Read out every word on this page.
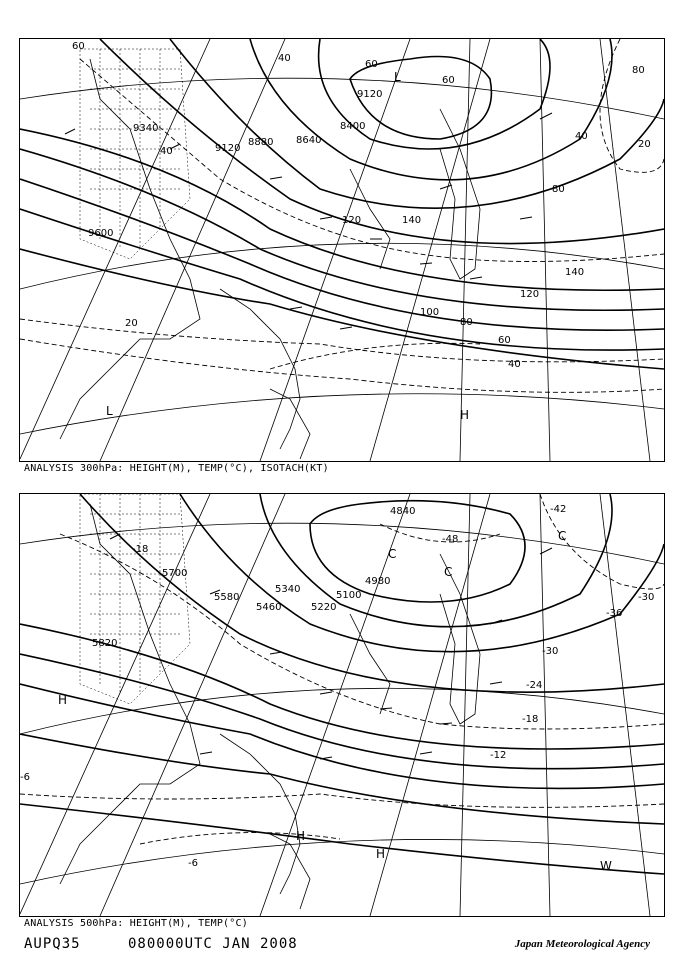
9340
9120
8880 8640
8400
9120
9600
60
40
20
40
60
80
120	140
100
80
60
40
20
40
120
140
60
80
L
L	H
ANALYSIS 300hPa: HEIGHT(M), TEMP(°C), ISOTACH(KT)
5700
5580
5460
5340
5220
5100
5820
4980
4840
-18
-48
-42
-36
-30
-24
-18
-12
-6
-6
-30
C
C
C
H
H
H
W
ANALYSIS 500hPa: HEIGHT(M), TEMP(°C)
AUPQ35	080000UTC JAN 2008	Japan Meteorological Agency
